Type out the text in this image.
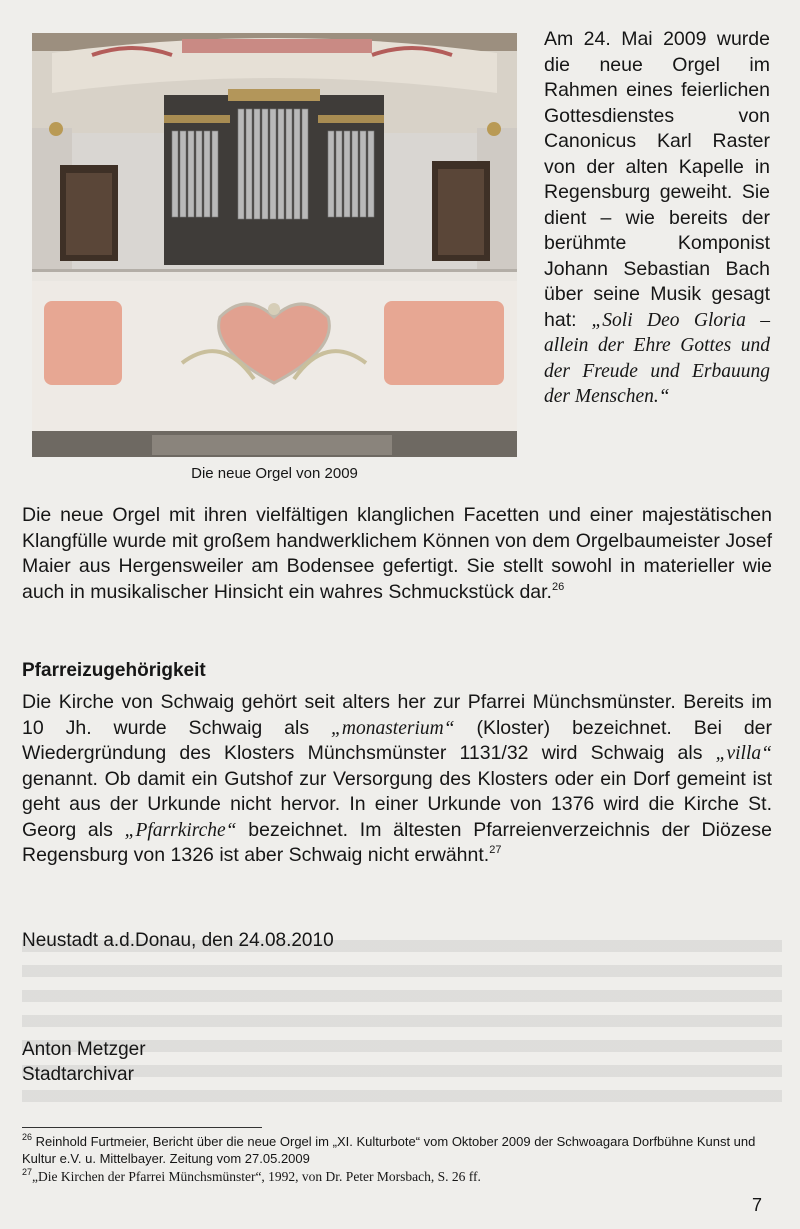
Die neue Orgel von 2009
Am 24. Mai 2009 wurde die neue Orgel im Rahmen eines feierlichen Gottesdienstes von Canonicus Karl Raster von der alten Kapelle in Regensburg geweiht. Sie dient – wie bereits der berühmte Komponist Johann Sebastian Bach über seine Musik gesagt hat: „Soli Deo Gloria – allein der Ehre Gottes und der Freude und Erbauung der Menschen.“

Die neue Orgel mit ihren vielfältigen klanglichen Facetten und einer majestätischen Klangfülle wurde mit großem handwerklichem Können von dem Orgelbaumeister Josef Maier aus Hergensweiler am Bodensee gefertigt. Sie stellt sowohl in materieller wie auch in musikalischer Hinsicht ein wahres Schmuckstück dar.$^{26}$

Pfarreizugehörigkeit

Die Kirche von Schwaig gehört seit alters her zur Pfarrei Münchsmünster. Bereits im 10 Jh. wurde Schwaig als „monasterium“ (Kloster) bezeichnet. Bei der Wiedergründung des Klosters Münchsmünster 1131/32 wird Schwaig als „villa“ genannt. Ob damit ein Gutshof zur Versorgung des Klosters oder ein Dorf gemeint ist geht aus der Urkunde nicht hervor. In einer Urkunde von 1376 wird die Kirche St. Georg als „Pfarrkirche“ bezeichnet. Im ältesten Pfarreienverzeichnis der Diözese Regensburg von 1326 ist aber Schwaig nicht erwähnt.$^{27}$

Neustadt a.d.Donau, den 24.08.2010

Anton Metzger
Stadtarchivar
$^{26}$ Reinhold Furtmeier, Bericht über die neue Orgel im „XI. Kulturbote“ vom Oktober 2009 der Schwoagara Dorfbühne Kunst und Kultur e.V. u. Mittelbayer. Zeitung vom 27.05.2009
$^{27}$„Die Kirchen der Pfarrei Münchsmünster“, 1992, von Dr. Peter Morsbach, S. 26 ff.
7
